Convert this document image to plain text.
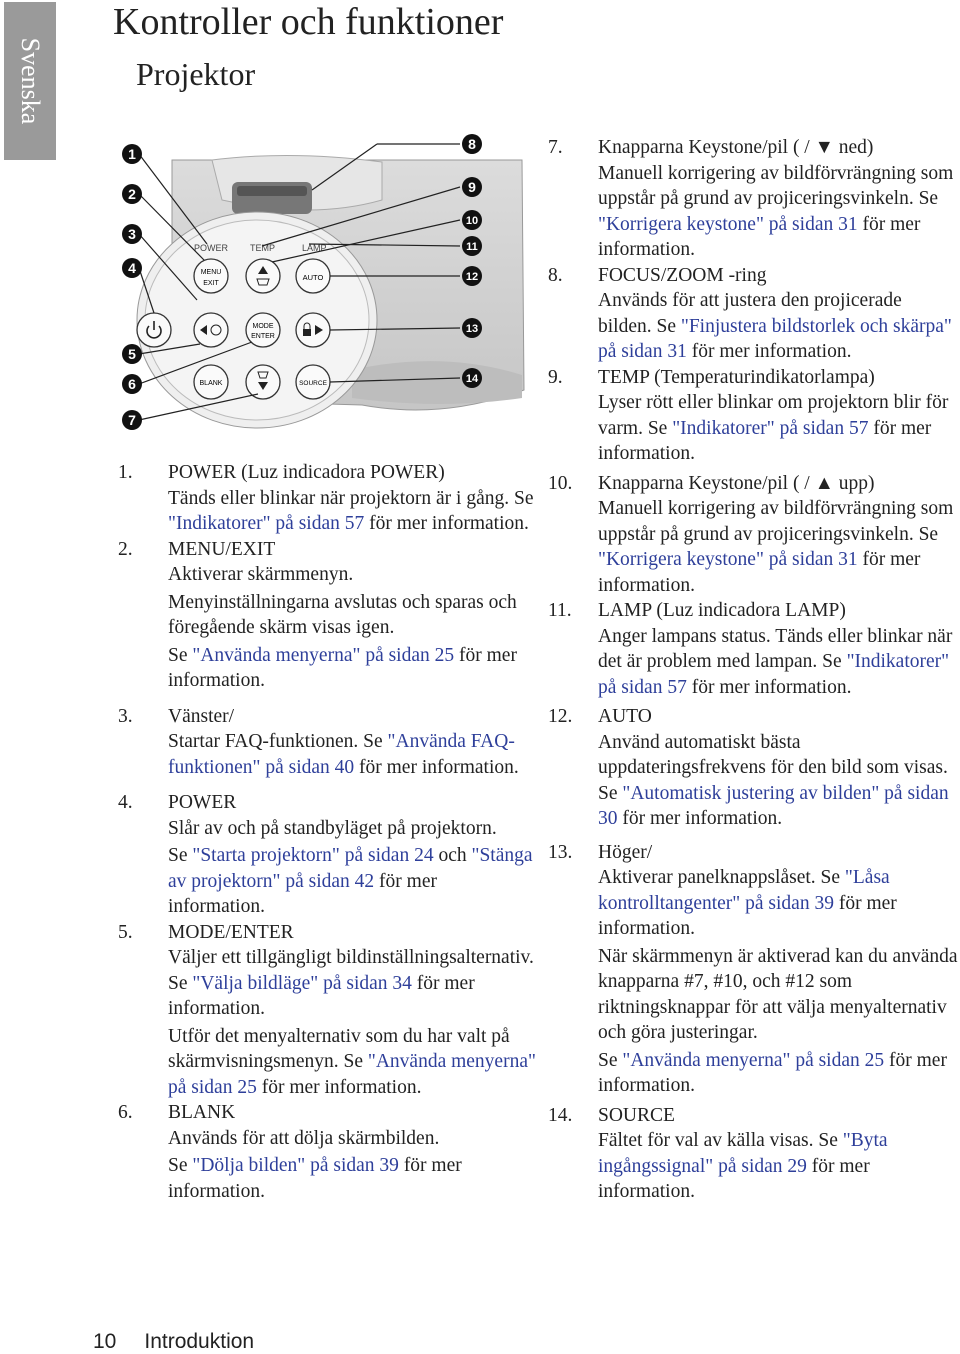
Svenska
Kontroller och funktioner
Projektor
POWER TEMP	LAMP
MENU
EXIT
AUTO
MODE
ENTER
BLANK	SOURCE
1
2
3
4
5
6
7
8
9
10
11
12
13
14
1. POWER (Luz indicadora POWER)
Tänds eller blinkar när projektorn är i gång. Se "Indikatorer" på sidan 57 för mer information.
2. MENU/EXIT
Aktiverar skärmmenyn.
Menyinställningarna avslutas och sparas och föregående skärm visas igen.
Se "Använda menyerna" på sidan 25 för mer information.
3. Vänster/
Startar FAQ-funktionen. Se "Använda FAQ-funktionen" på sidan 40 för mer information.
4. POWER
Slår av och på standbyläget på projektorn.
Se "Starta projektorn" på sidan 24 och "Stänga av projektorn" på sidan 42 för mer information.
5. MODE/ENTER
Väljer ett tillgängligt bildinställningsalternativ. Se "Välja bildläge" på sidan 34 för mer information.
Utför det menyalternativ som du har valt på skärmvisningsmenyn. Se "Använda menyerna" på sidan 25 för mer information.
6. BLANK
Används för att dölja skärmbilden.
Se "Dölja bilden" på sidan 39 för mer information.
7. Knapparna Keystone/pil ( / ▼ ned)
Manuell korrigering av bildförvrängning som uppstår på grund av projiceringsvinkeln. Se "Korrigera keystone" på sidan 31 för mer information.
8. FOCUS/ZOOM -ring
Används för att justera den projicerade bilden. Se "Finjustera bildstorlek och skärpa" på sidan 31 för mer information.
9. TEMP (Temperaturindikatorlampa)
Lyser rött eller blinkar om projektorn blir för varm. Se "Indikatorer" på sidan 57 för mer information.
10. Knapparna Keystone/pil ( / ▲ upp)
Manuell korrigering av bildförvrängning som uppstår på grund av projiceringsvinkeln. Se "Korrigera keystone" på sidan 31 för mer information.
11. LAMP (Luz indicadora LAMP)
Anger lampans status. Tänds eller blinkar när det är problem med lampan. Se "Indikatorer" på sidan 57 för mer information.
12. AUTO
Använd automatiskt bästa uppdateringsfrekvens för den bild som visas. Se "Automatisk justering av bilden" på sidan 30 för mer information.
13. Höger/
Aktiverar panelknappslåset. Se "Låsa kontrolltangenter" på sidan 39 för mer information.
När skärmmenyn är aktiverad kan du använda knapparna #7, #10, och #12 som riktningsknappar för att välja menyalternativ och göra justeringar.
Se "Använda menyerna" på sidan 25 för mer information.
14. SOURCE
Fältet för val av källa visas. Se "Byta ingångssignal" på sidan 29 för mer information.
10 Introduktion
